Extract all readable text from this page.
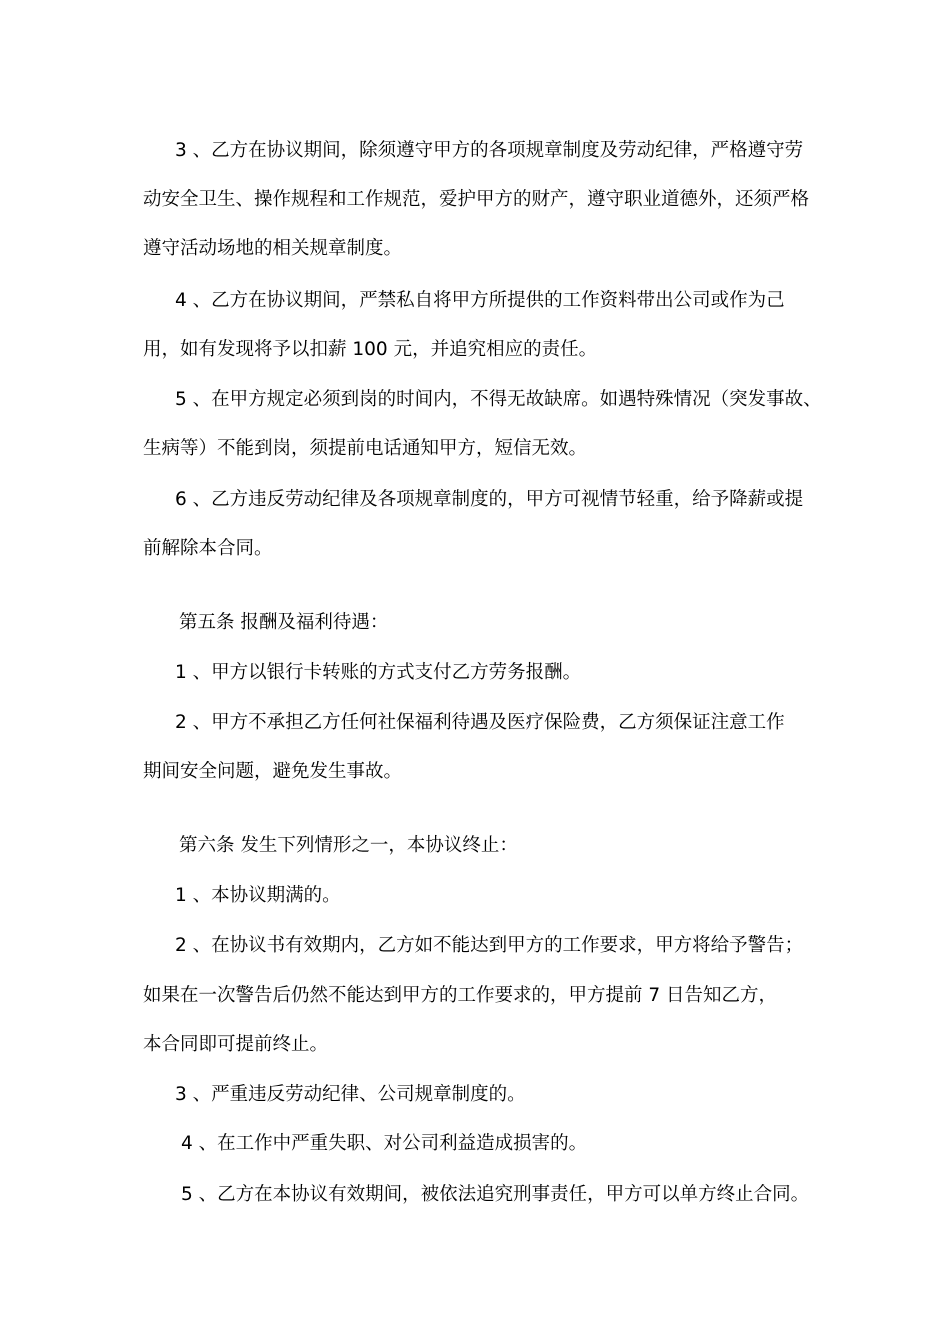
3 、乙方在协议期间，除须遵守甲方的各项规章制度及劳动纪律，严格遵守劳
动安全卫生、操作规程和工作规范，爱护甲方的财产，遵守职业道德外，还须严格
遵守活动场地的相关规章制度。
4 、乙方在协议期间，严禁私自将甲方所提供的工作资料带出公司或作为己
用，如有发现将予以扣薪 100 元，并追究相应的责任。
5 、在甲方规定必须到岗的时间内，不得无故缺席。如遇特殊情况（突发事故、
生病等）不能到岗，须提前电话通知甲方，短信无效。
6 、乙方违反劳动纪律及各项规章制度的，甲方可视情节轻重，给予降薪或提
前解除本合同。
第五条 报酬及福利待遇：
1 、甲方以银行卡转账的方式支付乙方劳务报酬。
2 、甲方不承担乙方任何社保福利待遇及医疗保险费，乙方须保证注意工作
期间安全问题，避免发生事故。
第六条 发生下列情形之一，本协议终止：
1 、本协议期满的。
2 、在协议书有效期内，乙方如不能达到甲方的工作要求，甲方将给予警告；
如果在一次警告后仍然不能达到甲方的工作要求的，甲方提前 7 日告知乙方，
本合同即可提前终止。
3 、严重违反劳动纪律、公司规章制度的。
4 、在工作中严重失职、对公司利益造成损害的。
5 、乙方在本协议有效期间，被依法追究刑事责任，甲方可以单方终止合同。
